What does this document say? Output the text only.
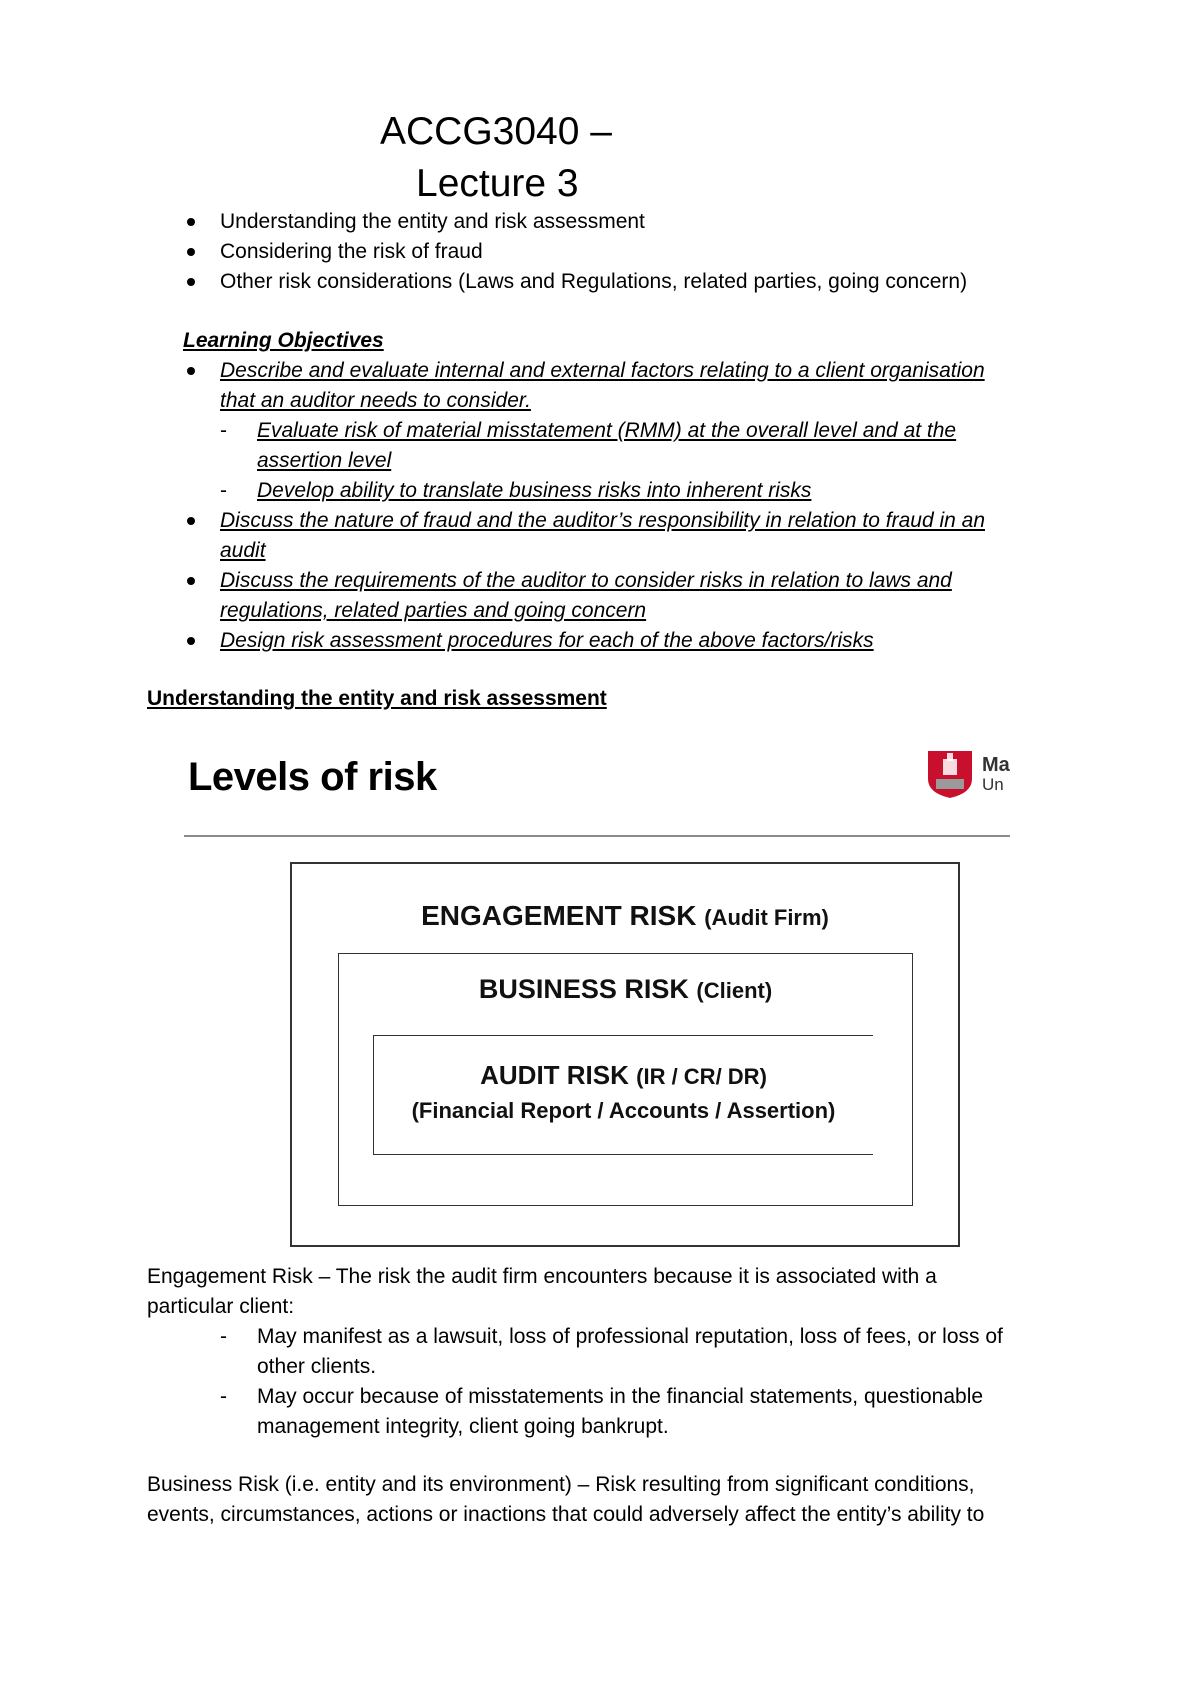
ACCG3040 –
Lecture 3
Understanding the entity and risk assessment
Considering the risk of fraud
Other risk considerations (Laws and Regulations, related parties, going concern)
Learning Objectives
Describe and evaluate internal and external factors relating to a client organisation
that an auditor needs to consider.
- Evaluate risk of material misstatement (RMM) at the overall level and at the
assertion level
- Develop ability to translate business risks into inherent risks
Discuss the nature of fraud and the auditor’s responsibility in relation to fraud in an
audit
Discuss the requirements of the auditor to consider risks in relation to laws and
regulations, related parties and going concern
Design risk assessment procedures for each of the above factors/risks
Understanding the entity and risk assessment
Levels of risk	Ma
Un
ENGAGEMENT RISK (Audit Firm)
BUSINESS RISK (Client)
AUDIT RISK (IR / CR/ DR)
(Financial Report / Accounts / Assertion)
Engagement Risk – The risk the audit firm encounters because it is associated with a
particular client:
- May manifest as a lawsuit, loss of professional reputation, loss of fees, or loss of
other clients.
- May occur because of misstatements in the financial statements, questionable
management integrity, client going bankrupt.
Business Risk (i.e. entity and its environment) – Risk resulting from significant conditions,
events, circumstances, actions or inactions that could adversely affect the entity’s ability to
